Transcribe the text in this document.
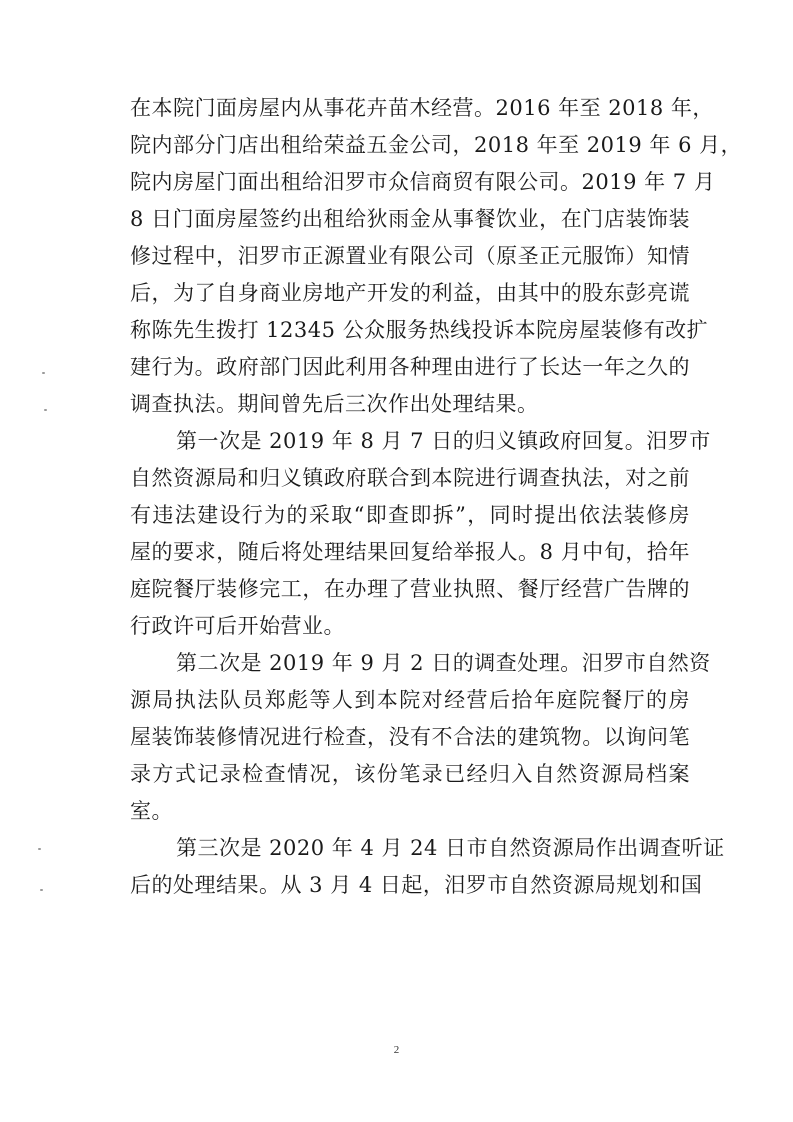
在本院门面房屋内从事花卉苗木经营。2016 年至 2018 年，
院内部分门店出租给荣益五金公司，2018 年至 2019 年 6 月，
院内房屋门面出租给汨罗市众信商贸有限公司。2019 年 7 月
8 日门面房屋签约出租给狄雨金从事餐饮业，在门店装饰装
修过程中，汨罗市正源置业有限公司（原圣正元服饰）知情
后，为了自身商业房地产开发的利益，由其中的股东彭亮谎
称陈先生拨打 12345 公众服务热线投诉本院房屋装修有改扩
建行为。政府部门因此利用各种理由进行了长达一年之久的
调查执法。期间曾先后三次作出处理结果。

第一次是 2019 年 8 月 7 日的归义镇政府回复。汨罗市
自然资源局和归义镇政府联合到本院进行调查执法，对之前
有违法建设行为的采取“即查即拆”，同时提出依法装修房
屋的要求，随后将处理结果回复给举报人。8 月中旬，拾年
庭院餐厅装修完工，在办理了营业执照、餐厅经营广告牌的
行政许可后开始营业。

第二次是 2019 年 9 月 2 日的调查处理。汨罗市自然资
源局执法队员郑彪等人到本院对经营后拾年庭院餐厅的房
屋装饰装修情况进行检查，没有不合法的建筑物。以询问笔
录方式记录检查情况，该份笔录已经归入自然资源局档案
室。

第三次是 2020 年 4 月 24 日市自然资源局作出调查听证
后的处理结果。从 3 月 4 日起，汨罗市自然资源局规划和国

2
